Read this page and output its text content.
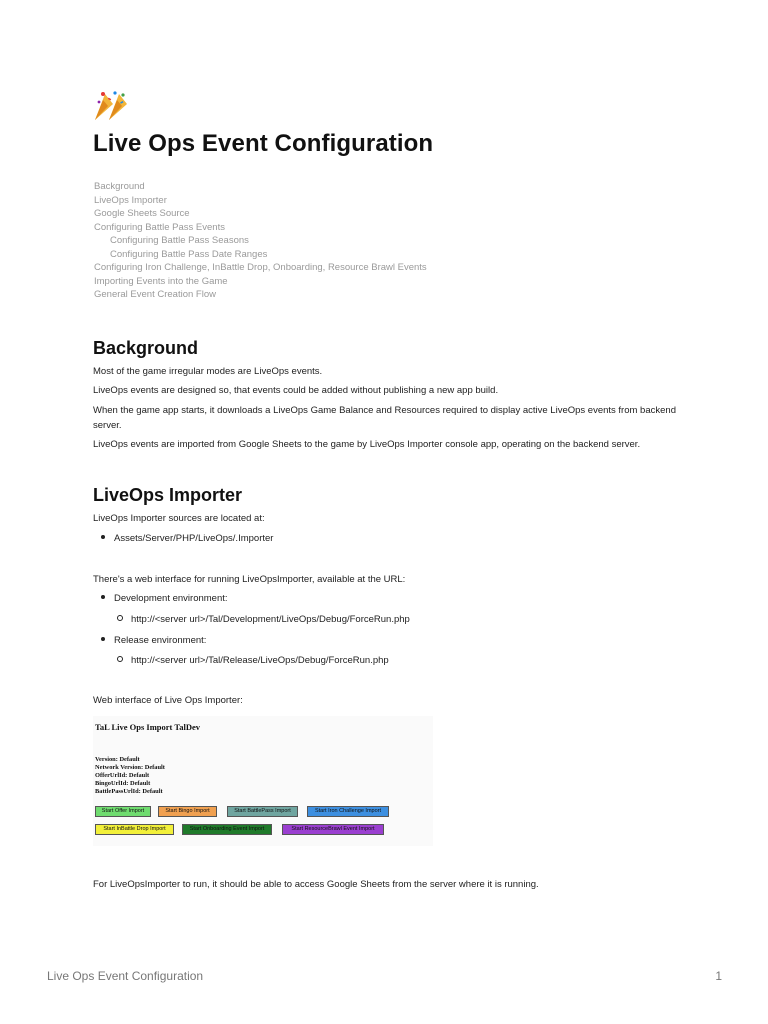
Live Ops Event Configuration
Background
LiveOps Importer
Google Sheets Source
Configuring Battle Pass Events
Configuring Battle Pass Seasons
Configuring Battle Pass Date Ranges
Configuring Iron Challenge, InBattle Drop, Onboarding, Resource Brawl Events
Importing Events into the Game
General Event Creation Flow
Background

Most of the game irregular modes are LiveOps events.

LiveOps events are designed so, that events could be added without publishing a new app build.

When the game app starts, it downloads a LiveOps Game Balance and Resources required to display active LiveOps events from backend server.

LiveOps events are imported from Google Sheets to the game by LiveOps Importer console app, operating on the backend server.

LiveOps Importer

LiveOps Importer sources are located at:

Assets/Server/PHP/LiveOps/.Importer

There's a web interface for running LiveOpsImporter, available at the URL:

Development environment:
http://<server url>/Tal/Development/LiveOps/Debug/ForceRun.php
Release environment:
http://<server url>/Tal/Release/LiveOps/Debug/ForceRun.php

Web interface of Live Ops Importer:

TaL Live Ops Import TalDev
Version: Default
Network Version: Default
OfferUrlId: Default
BingoUrlId: Default
BattlePassUrlId: Default
Start Offer Import	Start Bingo Import	Start BattlePass Import	Start Iron Challenge Import
Start InBattle Drop Import	Start Onboarding Event Import	Start ResourceBrawl Event Import

For LiveOpsImporter to run, it should be able to access Google Sheets from the server where it is running.

Live Ops Event Configuration	1
